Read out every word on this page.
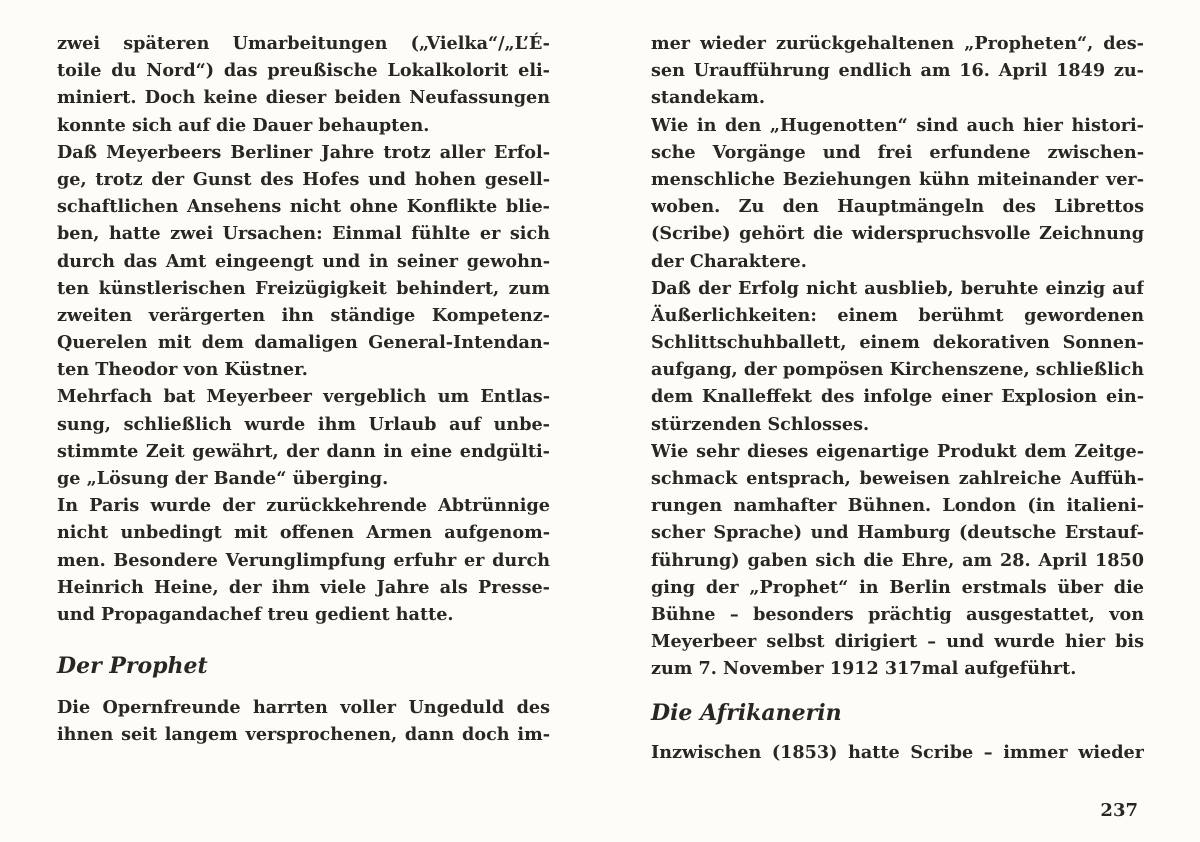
zwei späteren Umarbeitungen („Vielka“/„L’É-
toile du Nord“) das preußische Lokalkolorit eli-
miniert. Doch keine dieser beiden Neufassungen
konnte sich auf die Dauer behaupten.
Daß Meyerbeers Berliner Jahre trotz aller Erfol-
ge, trotz der Gunst des Hofes und hohen gesell-
schaftlichen Ansehens nicht ohne Konflikte blie-
ben, hatte zwei Ursachen: Einmal fühlte er sich
durch das Amt eingeengt und in seiner gewohn-
ten künstlerischen Freizügigkeit behindert, zum
zweiten verärgerten ihn ständige Kompetenz-
Querelen mit dem damaligen General-Intendan-
ten Theodor von Küstner.
Mehrfach bat Meyerbeer vergeblich um Entlas-
sung, schließlich wurde ihm Urlaub auf unbe-
stimmte Zeit gewährt, der dann in eine endgülti-
ge „Lösung der Bande“ überging.
In Paris wurde der zurückkehrende Abtrünnige
nicht unbedingt mit offenen Armen aufgenom-
men. Besondere Verunglimpfung erfuhr er durch
Heinrich Heine, der ihm viele Jahre als Presse-
und Propagandachef treu gedient hatte.
Der Prophet
Die Opernfreunde harrten voller Ungeduld des
ihnen seit langem versprochenen, dann doch im-
mer wieder zurückgehaltenen „Propheten“, des-
sen Uraufführung endlich am 16. April 1849 zu-
standekam.
Wie in den „Hugenotten“ sind auch hier histori-
sche Vorgänge und frei erfundene zwischen-
menschliche Beziehungen kühn miteinander ver-
woben. Zu den Hauptmängeln des Librettos
(Scribe) gehört die widerspruchsvolle Zeichnung
der Charaktere.
Daß der Erfolg nicht ausblieb, beruhte einzig auf
Äußerlichkeiten: einem berühmt gewordenen
Schlittschuhballett, einem dekorativen Sonnen-
aufgang, der pompösen Kirchenszene, schließlich
dem Knalleffekt des infolge einer Explosion ein-
stürzenden Schlosses.
Wie sehr dieses eigenartige Produkt dem Zeitge-
schmack entsprach, beweisen zahlreiche Auffüh-
rungen namhafter Bühnen. London (in italieni-
scher Sprache) und Hamburg (deutsche Erstauf-
führung) gaben sich die Ehre, am 28. April 1850
ging der „Prophet“ in Berlin erstmals über die
Bühne – besonders prächtig ausgestattet, von
Meyerbeer selbst dirigiert – und wurde hier bis
zum 7. November 1912 317mal aufgeführt.
Die Afrikanerin
Inzwischen (1853) hatte Scribe – immer wieder
237
